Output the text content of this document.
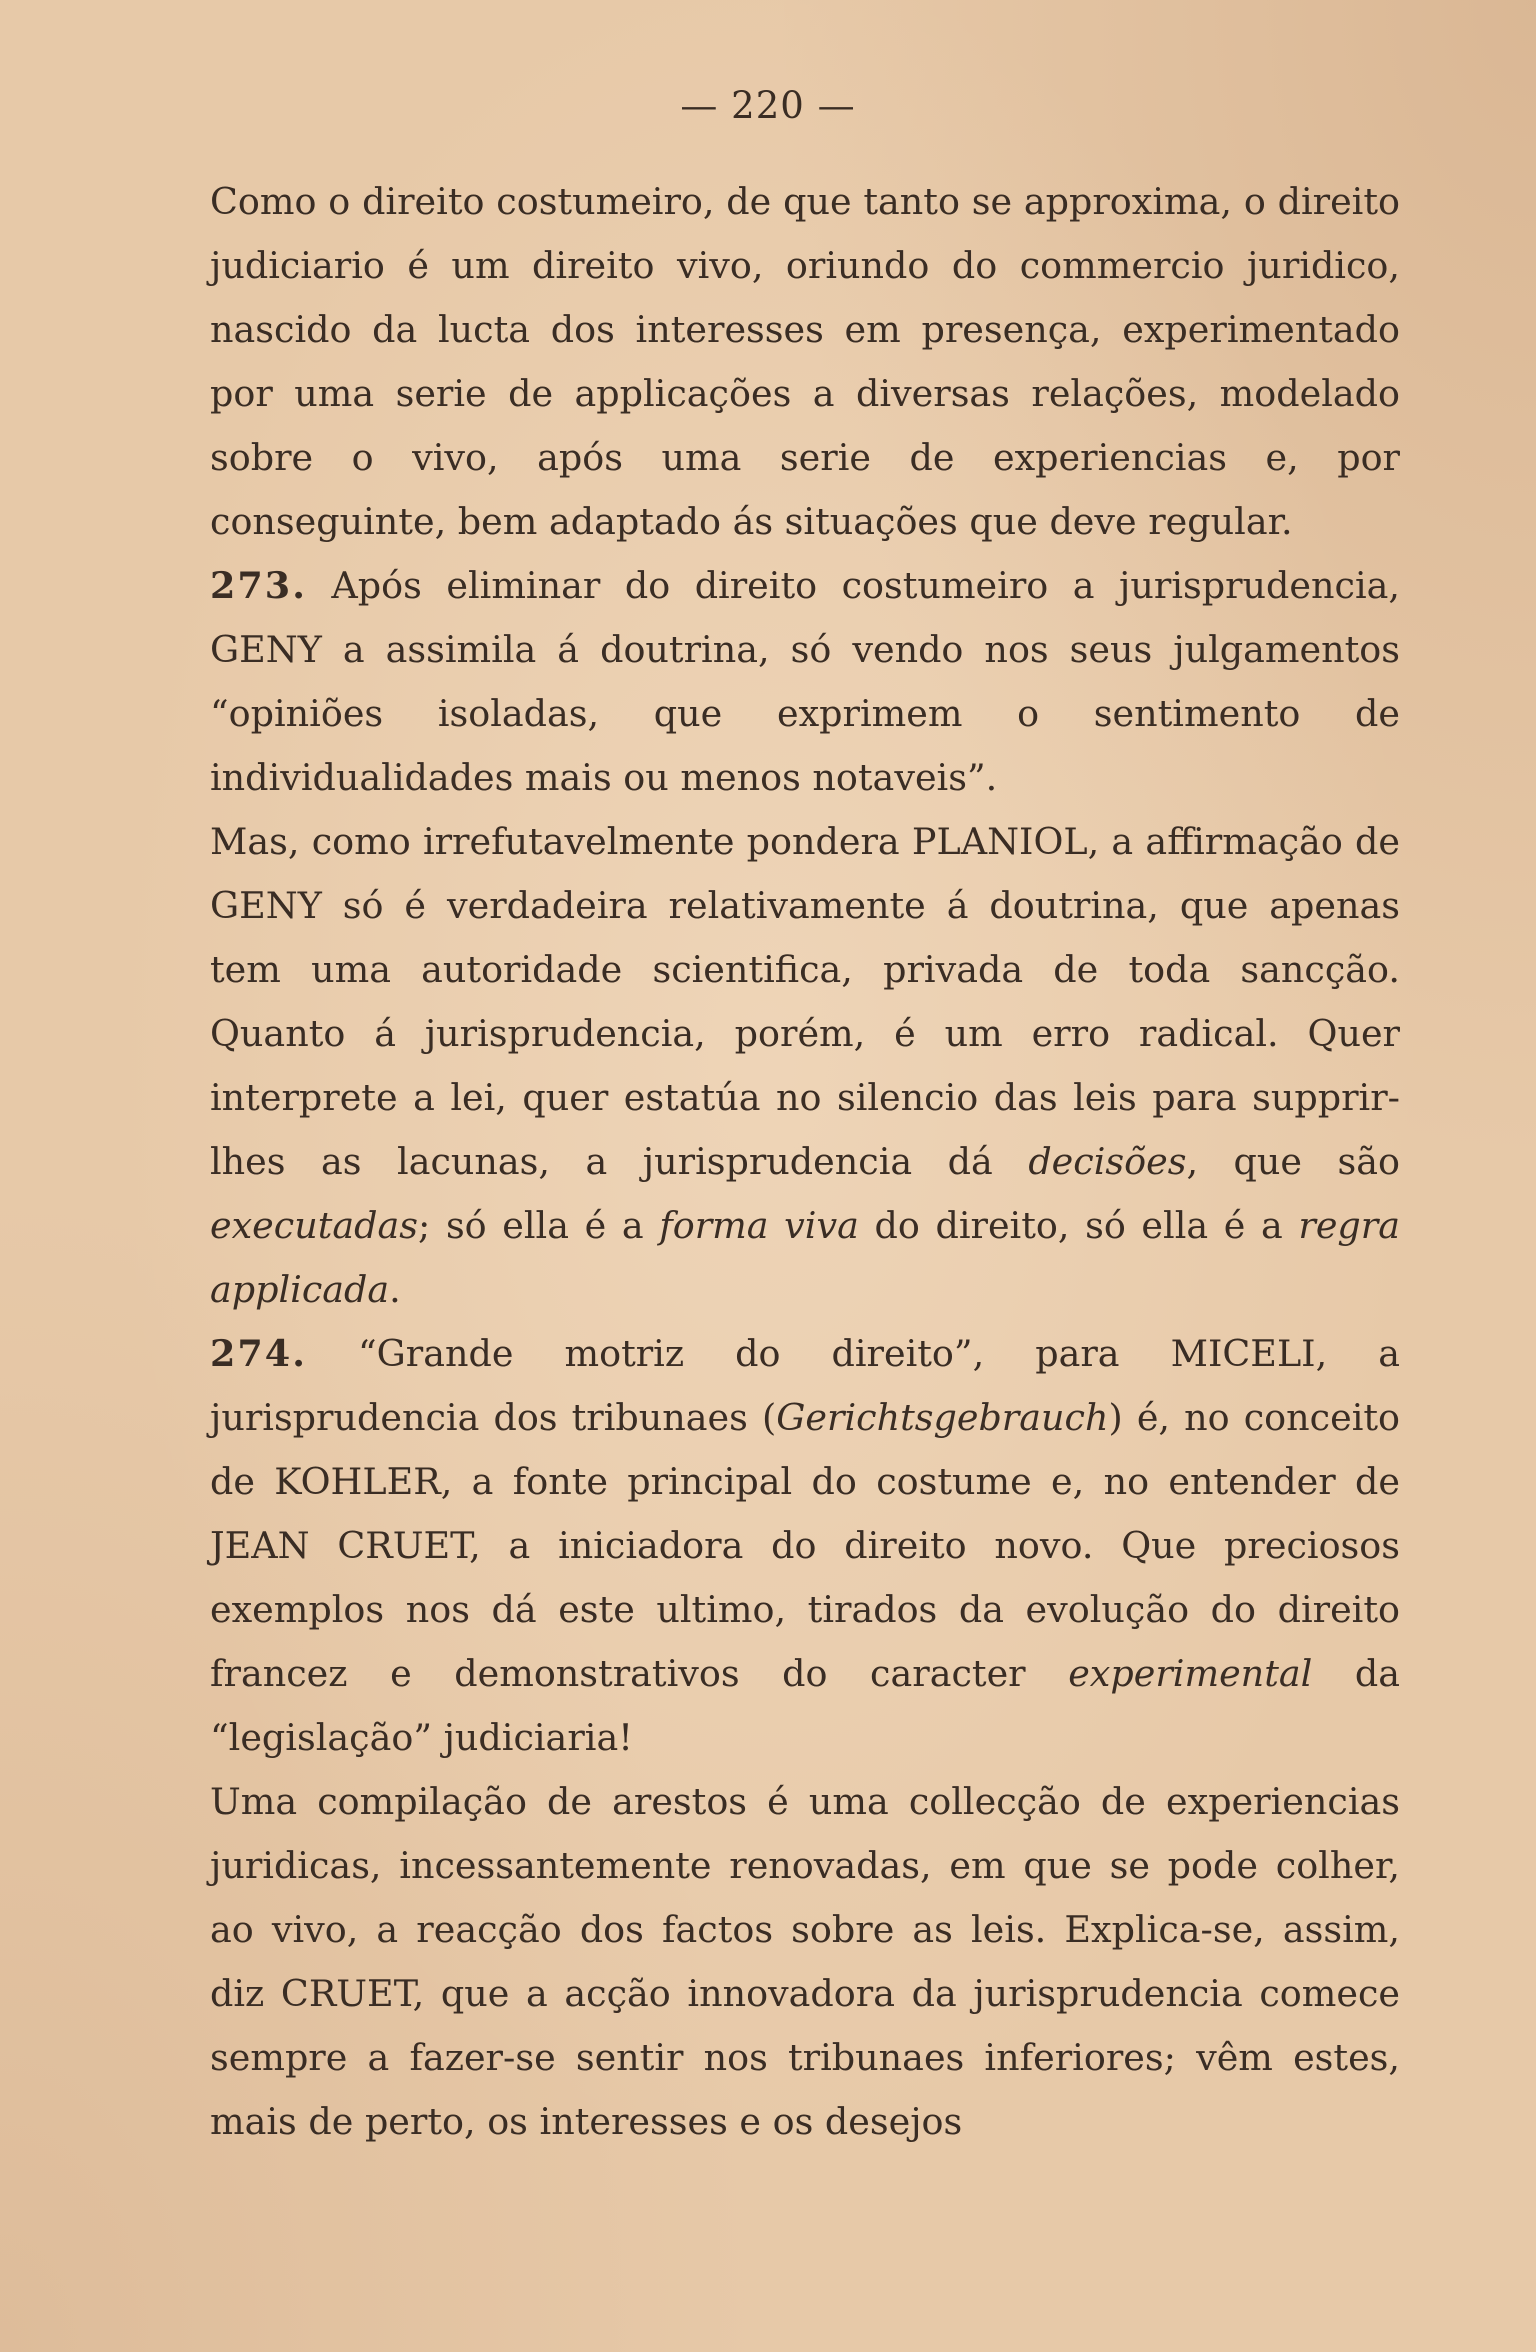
— 220 —

Como o direito costumeiro, de que tanto se approxima, o direito judiciario é um direito vivo, oriundo do commercio juridico, nascido da lucta dos interesses em presença, experimentado por uma serie de applicações a diversas relações, modelado sobre o vivo, após uma serie de experiencias e, por conseguinte, bem adaptado ás situações que deve regular.

273. Após eliminar do direito costumeiro a jurisprudencia, GENY a assimila á doutrina, só vendo nos seus julgamentos “opiniões isoladas, que exprimem o sentimento de individualidades mais ou menos notaveis”.

Mas, como irrefutavelmente pondera PLANIOL, a affirmação de GENY só é verdadeira relativamente á doutrina, que apenas tem uma autoridade scientifica, privada de toda sancção. Quanto á jurisprudencia, porém, é um erro radical. Quer interprete a lei, quer estatúa no silencio das leis para supprir-lhes as lacunas, a jurisprudencia dá decisões, que são executadas; só ella é a forma viva do direito, só ella é a regra applicada.

274. “Grande motriz do direito”, para MICELI, a jurisprudencia dos tribunaes (Gerichtsgebrauch) é, no conceito de KOHLER, a fonte principal do costume e, no entender de JEAN CRUET, a iniciadora do direito novo. Que preciosos exemplos nos dá este ultimo, tirados da evolução do direito francez e demonstrativos do caracter experimental da “legislação” judiciaria!

Uma compilação de arestos é uma collecção de experiencias juridicas, incessantemente renovadas, em que se pode colher, ao vivo, a reacção dos factos sobre as leis. Explica-se, assim, diz CRUET, que a acção innovadora da jurisprudencia comece sempre a fazer-se sentir nos tribunaes inferiores; vêm estes, mais de perto, os interesses e os desejos
